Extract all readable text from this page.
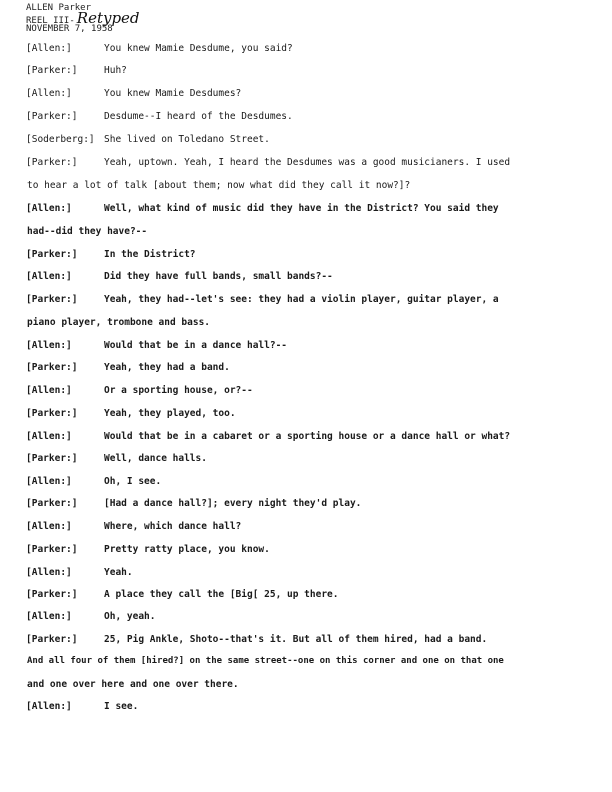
ALLEN Parker
REEL III- Retyped
NOVEMBER 7, 1958
[Allen:]	You knew Mamie Desdume, you said?
[Parker:]	Huh?
[Allen:]	You knew Mamie Desdumes?
[Parker:]	Desdume--I heard of the Desdumes.
[Soderberg:] She lived on Toledano Street.
[Parker:]	Yeah, uptown. Yeah, I heard the Desdumes was a good musicianers. I used
to hear a lot of talk [about them; now what did they call it now?]?
[Allen:]	Well, what kind of music did they have in the District? You said they
had--did they have?--
[Parker:]	In the District?
[Allen:]	Did they have full bands, small bands?--
[Parker:]	Yeah, they had--let's see: they had a violin player, guitar player, a
piano player, trombone and bass.
[Allen:]	Would that be in a dance hall?--
[Parker:]	Yeah, they had a band.
[Allen:]	Or a sporting house, or?--
[Parker:]	Yeah, they played, too.
[Allen:]	Would that be in a cabaret or a sporting house or a dance hall or what?
[Parker:]	Well, dance halls.
[Allen:]	Oh, I see.
[Parker:]	[Had a dance hall?]; every night they'd play.
[Allen:]	Where, which dance hall?
[Parker:]	Pretty ratty place, you know.
[Allen:]	Yeah.
[Parker:]	A place they call the [Big[ 25, up there.
[Allen:]	Oh, yeah.
[Parker:]	25, Pig Ankle, Shoto--that's it. But all of them hired, had a band.
And all four of them [hired?] on the same street--one on this corner and one on that one
and one over here and one over there.
[Allen:]	I see.
